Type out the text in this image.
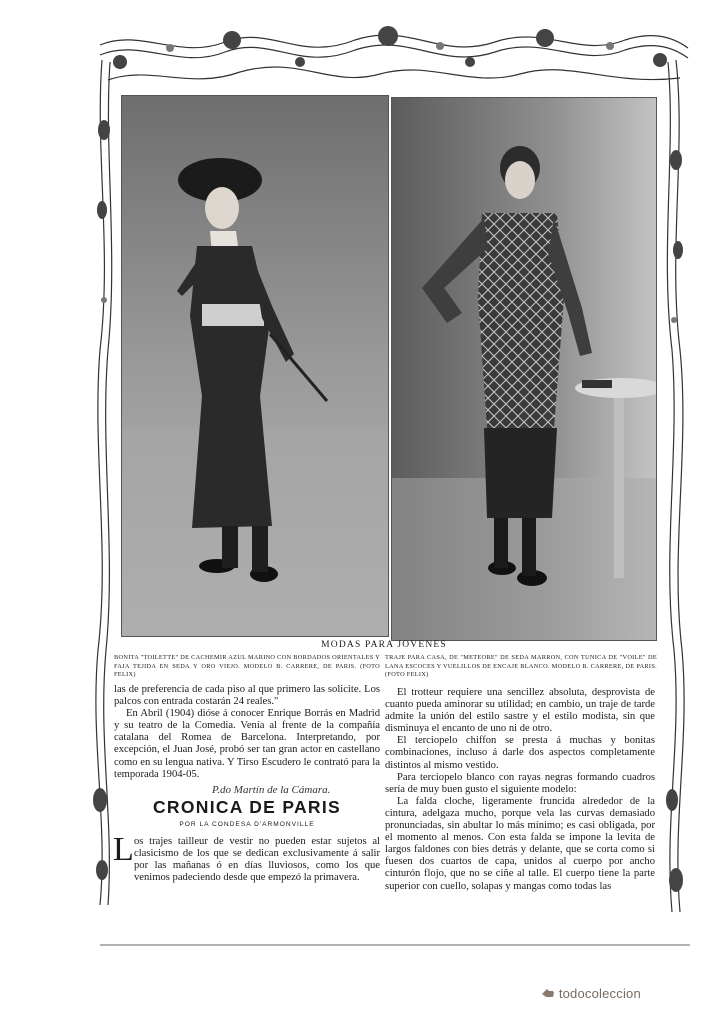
MODAS PARA JOVENES
BONITA "TOILETTE" DE CACHEMIR AZUL MARINO CON BORDADOS ORIENTALES Y FAJA TEJIDA EN SEDA Y ORO VIEJO. MODELO B. CARRERE, DE PARIS. (FOTO FELIX)
TRAJE PARA CASA, DE "METEORE" DE SEDA MARRON, CON TUNICA DE "VOILE" DE LANA ESCOCES Y VUELILLOS DE ENCAJE BLANCO. MODELO B. CARRERE, DE PARIS. (FOTO FELIX)

las de preferencia de cada piso al que primero las solicite. Los palcos con entrada costarán 24 reales."

En Abril (1904) dióse á conocer Enrique Borrás en Madrid y su teatro de la Comedia. Venía al frente de la compañía catalana del Romea de Barcelona. Interpretando, por excepción, el Juan José, probó ser tan gran actor en castellano como en su lengua nativa. Y Tirso Escudero le contrató para la temporada 1904-05.

P.do Martín de la Cámara.
CRONICA DE PARIS
POR LA CONDESA D'ARMONVILLE
L os trajes tailleur de vestir no pueden estar sujetos al clasicismo de los que se dedican exclusivamente á salir por las mañanas ó en días lluviosos, como los que venimos padeciendo desde que empezó la primavera.

El trotteur requiere una sencillez absoluta, desprovista de cuanto pueda aminorar su utilidad; en cambio, un traje de tarde admite la unión del estilo sastre y el estilo modista, sin que disminuya el encanto de uno ni de otro.

El terciopelo chiffon se presta á muchas y bonitas combinaciones, incluso á darle dos aspectos completamente distintos al mismo vestido.

Para terciopelo blanco con rayas negras formando cuadros sería de muy buen gusto el siguiente modelo:

La falda cloche, ligeramente fruncida alrededor de la cintura, adelgaza mucho, porque vela las curvas demasiado pronunciadas, sin abultar lo más mínimo; es casi obligada, por el momento al menos. Con esta falda se impone la levita de largos faldones con bies detrás y delante, que se corta como si fuesen dos cuartos de capa, unidos al cuerpo por ancho cinturón flojo, que no se ciñe al talle. El cuerpo tiene la parte superior con cuello, solapas y mangas como todas las

todocoleccion
